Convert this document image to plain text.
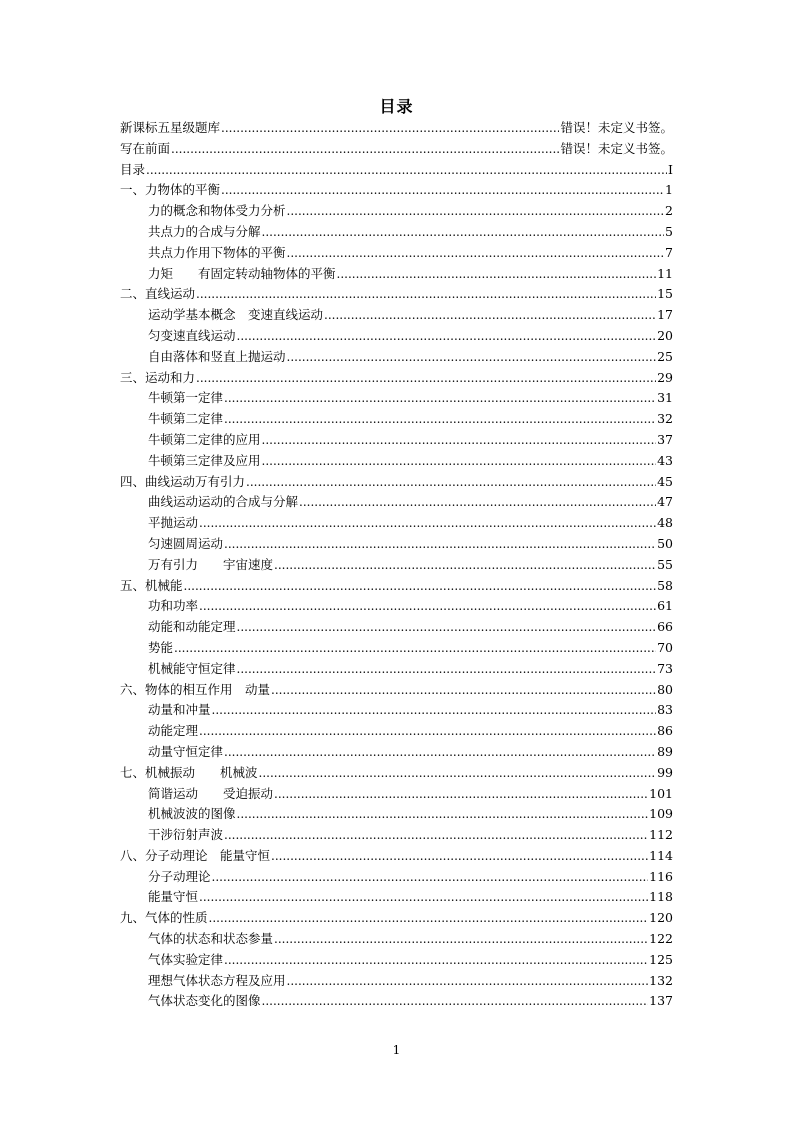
目录
新课标五星级题库 .....	错误！未定义书签。
写在前面 .....	错误！未定义书签。
目录 .....	I
一、力物体的平衡 .....	1
力的概念和物体受力分析 .....	2
共点力的合成与分解 .....	5
共点力作用下物体的平衡 .....	7
力矩　　有固定转动轴物体的平衡 .....	11
二、直线运动 .....	15
运动学基本概念　变速直线运动 .....	17
匀变速直线运动 .....	20
自由落体和竖直上抛运动 .....	25
三、运动和力 .....	29
牛顿第一定律 .....	31
牛顿第二定律 .....	32
牛顿第二定律的应用 .....	37
牛顿第三定律及应用 .....	43
四、曲线运动万有引力 .....	45
曲线运动运动的合成与分解 .....	47
平抛运动 .....	48
匀速圆周运动 .....	50
万有引力　　宇宙速度 .....	55
五、机械能 .....	58
功和功率 .....	61
动能和动能定理 .....	66
势能 .....	70
机械能守恒定律 .....	73
六、物体的相互作用　动量 .....	80
动量和冲量 .....	83
动能定理 .....	86
动量守恒定律 .....	89
七、机械振动　　机械波 .....	99
简谐运动　　受迫振动 .....	101
机械波波的图像 .....	109
干涉衍射声波 .....	112
八、分子动理论　能量守恒 .....	114
分子动理论 .....	116
能量守恒 .....	118
九、气体的性质 .....	120
气体的状态和状态参量 .....	122
气体实验定律 .....	125
理想气体状态方程及应用 .....	132
气体状态变化的图像 .....	137
1
